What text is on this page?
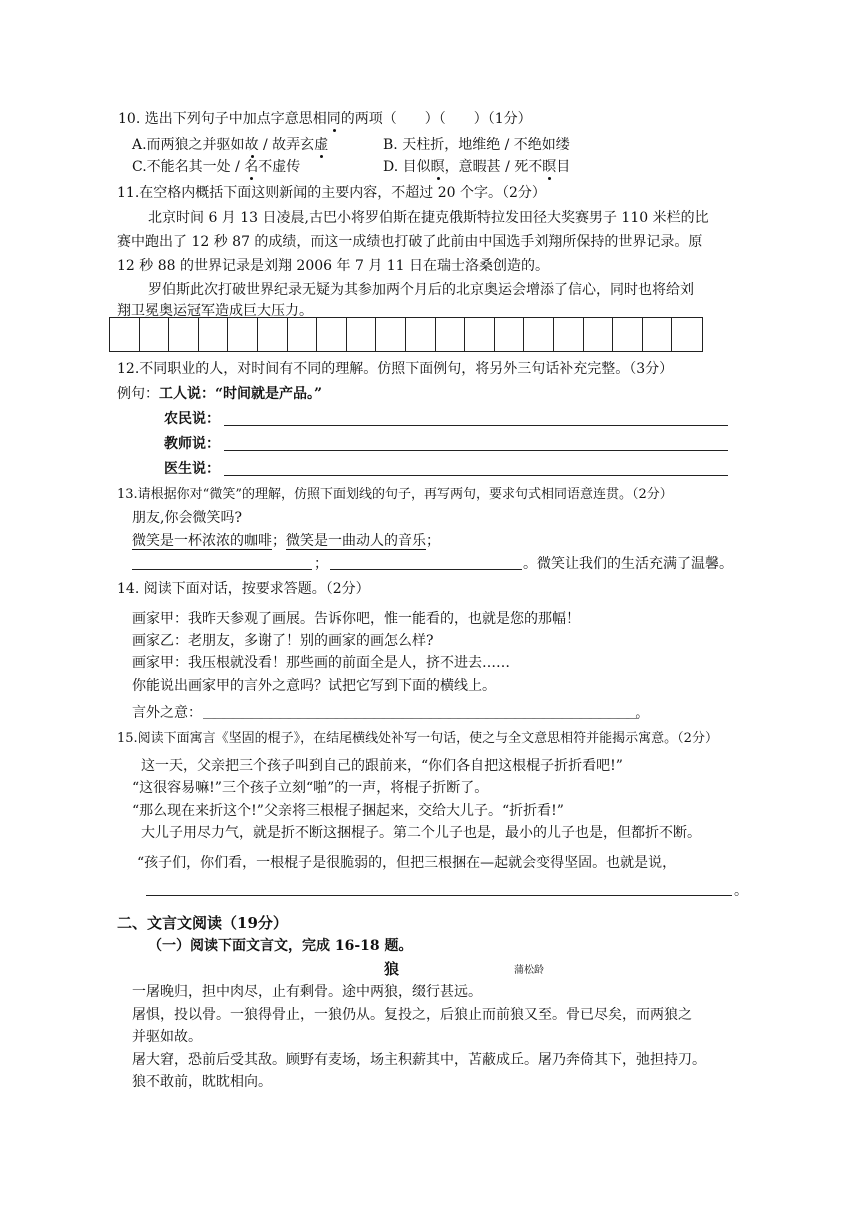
10. 选出下列句子中加点字意思相同的两项（　　）（　　）（1分）
A.而两狼之并驱如故 / 故弄玄虚	B. 天柱折，地维绝 / 不绝如缕
C.不能名其一处 / 名不虚传	D. 目似瞑，意暇甚 / 死不瞑目
11.在空格内概括下面这则新闻的主要内容，不超过 20 个字。（2分）
北京时间 6 月 13 日凌晨,古巴小将罗伯斯在捷克俄斯特拉发田径大奖赛男子 110 米栏的比
赛中跑出了 12 秒 87 的成绩，而这一成绩也打破了此前由中国选手刘翔所保持的世界记录。原
12 秒 88 的世界记录是刘翔 2006 年 7 月 11 日在瑞士洛桑创造的。
罗伯斯此次打破世界纪录无疑为其参加两个月后的北京奥运会增添了信心，同时也将给刘
翔卫冕奥运冠军造成巨大压力。
12.不同职业的人，对时间有不同的理解。仿照下面例句，将另外三句话补充完整。（3分）
例句：工人说：“时间就是产品。”
农民说：
教师说：
医生说：
13.请根据你对“微笑”的理解，仿照下面划线的句子，再写两句，要求句式相同语意连贯。（2分）
朋友,你会微笑吗?
微笑是一杯浓浓的咖啡；微笑是一曲动人的音乐；
；	。微笑让我们的生活充满了温馨。
14. 阅读下面对话，按要求答题。（2分）
画家甲：我昨天参观了画展。告诉你吧，惟一能看的，也就是您的那幅！
画家乙：老朋友，多谢了！别的画家的画怎么样?
画家甲：我压根就没看！那些画的前面全是人，挤不进去……
你能说出画家甲的言外之意吗？试把它写到下面的横线上。
言外之意： ＿＿＿＿＿＿＿＿＿＿＿＿＿＿＿＿＿＿＿＿＿＿＿＿＿＿＿＿＿＿＿＿＿＿＿＿＿＿＿＿＿＿＿＿＿＿。
15.阅读下面寓言《坚固的棍子》，在结尾横线处补写一句话，使之与全文意思相符并能揭示寓意。（2分）
这一天，父亲把三个孩子叫到自己的跟前来，“你们各自把这根棍子折折看吧!”
“这很容易嘛!”三个孩子立刻“啪”的一声，将棍子折断了。
“那么现在来折这个!”父亲将三根棍子捆起来，交给大儿子。“折折看!”
大儿子用尽力气，就是折不断这捆棍子。第二个儿子也是，最小的儿子也是，但都折不断。
“孩子们，你们看，一根棍子是很脆弱的，但把三根捆在—起就会变得坚固。也就是说，
。
二、文言文阅读（19分）
（一）阅读下面文言文，完成 16-18 题。
狼	蒲松龄
一屠晚归，担中肉尽，止有剩骨。途中两狼，缀行甚远。
屠惧，投以骨。一狼得骨止，一狼仍从。复投之，后狼止而前狼又至。骨已尽矣，而两狼之
并驱如故。
屠大窘，恐前后受其敌。顾野有麦场，场主积薪其中，苫蔽成丘。屠乃奔倚其下，弛担持刀。
狼不敢前，眈眈相向。
